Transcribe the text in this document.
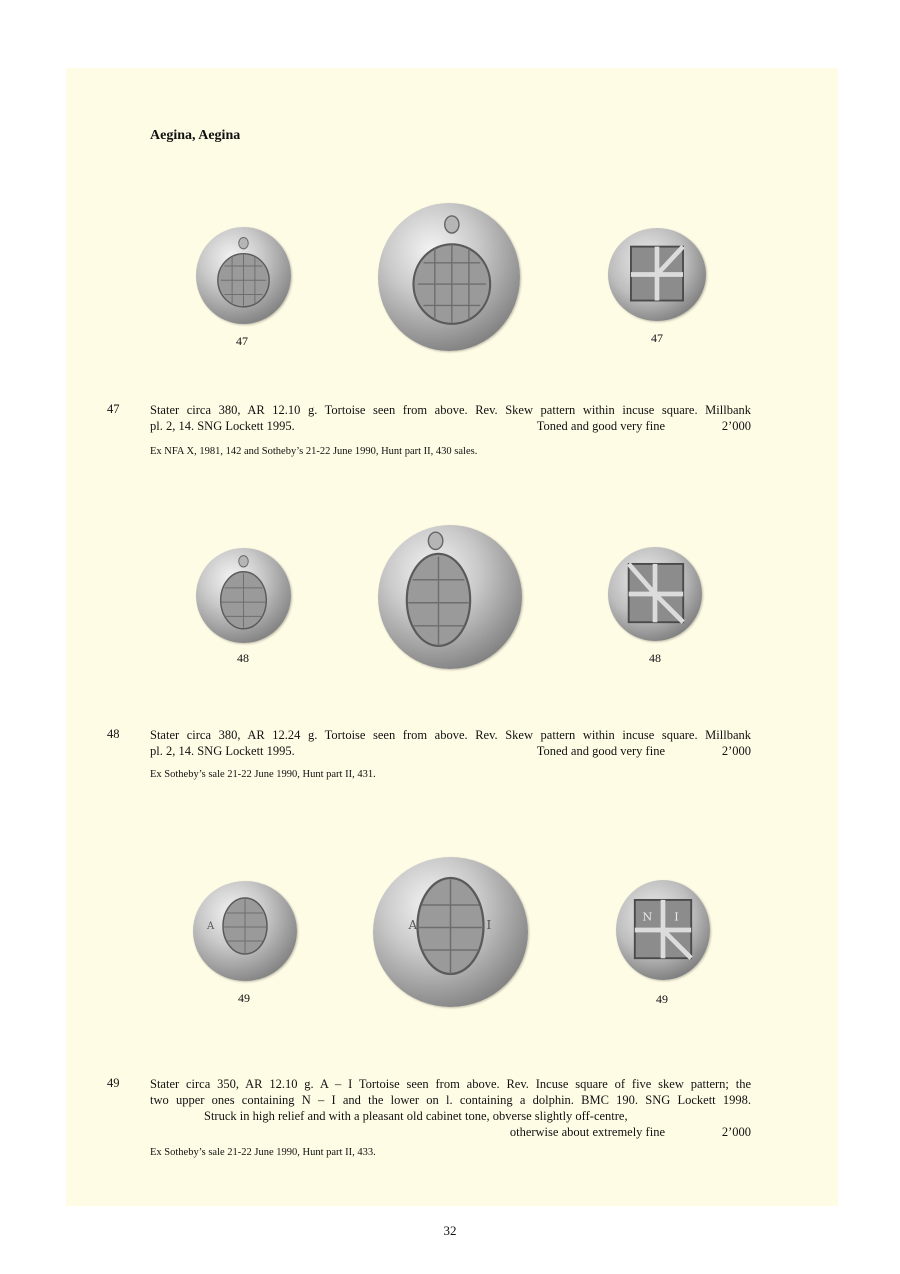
Aegina, Aegina
47	47
47 Stater circa 380, AR 12.10 g. Tortoise seen from above. Rev. Skew pattern within incuse square. Millbank
pl. 2, 14. SNG Lockett 1995.	Toned and good very fine	2’000
Ex NFA X, 1981, 142 and Sotheby’s 21-22 June 1990, Hunt part II, 430 sales.
48	48
48 Stater circa 380, AR 12.24 g. Tortoise seen from above. Rev. Skew pattern within incuse square. Millbank
pl. 2, 14. SNG Lockett 1995.	Toned and good very fine	2’000
Ex Sotheby’s sale 21-22 June 1990, Hunt part II, 431.
A	A	I
N I
49	49
49 Stater circa 350, AR 12.10 g. A – I Tortoise seen from above. Rev. Incuse square of five skew pattern; the
two upper ones containing N – I and the lower on l. containing a dolphin. BMC 190. SNG Lockett 1998.
Struck in high relief and with a pleasant old cabinet tone, obverse slightly off-centre,
otherwise about extremely fine	2’000
Ex Sotheby’s sale 21-22 June 1990, Hunt part II, 433.
32
